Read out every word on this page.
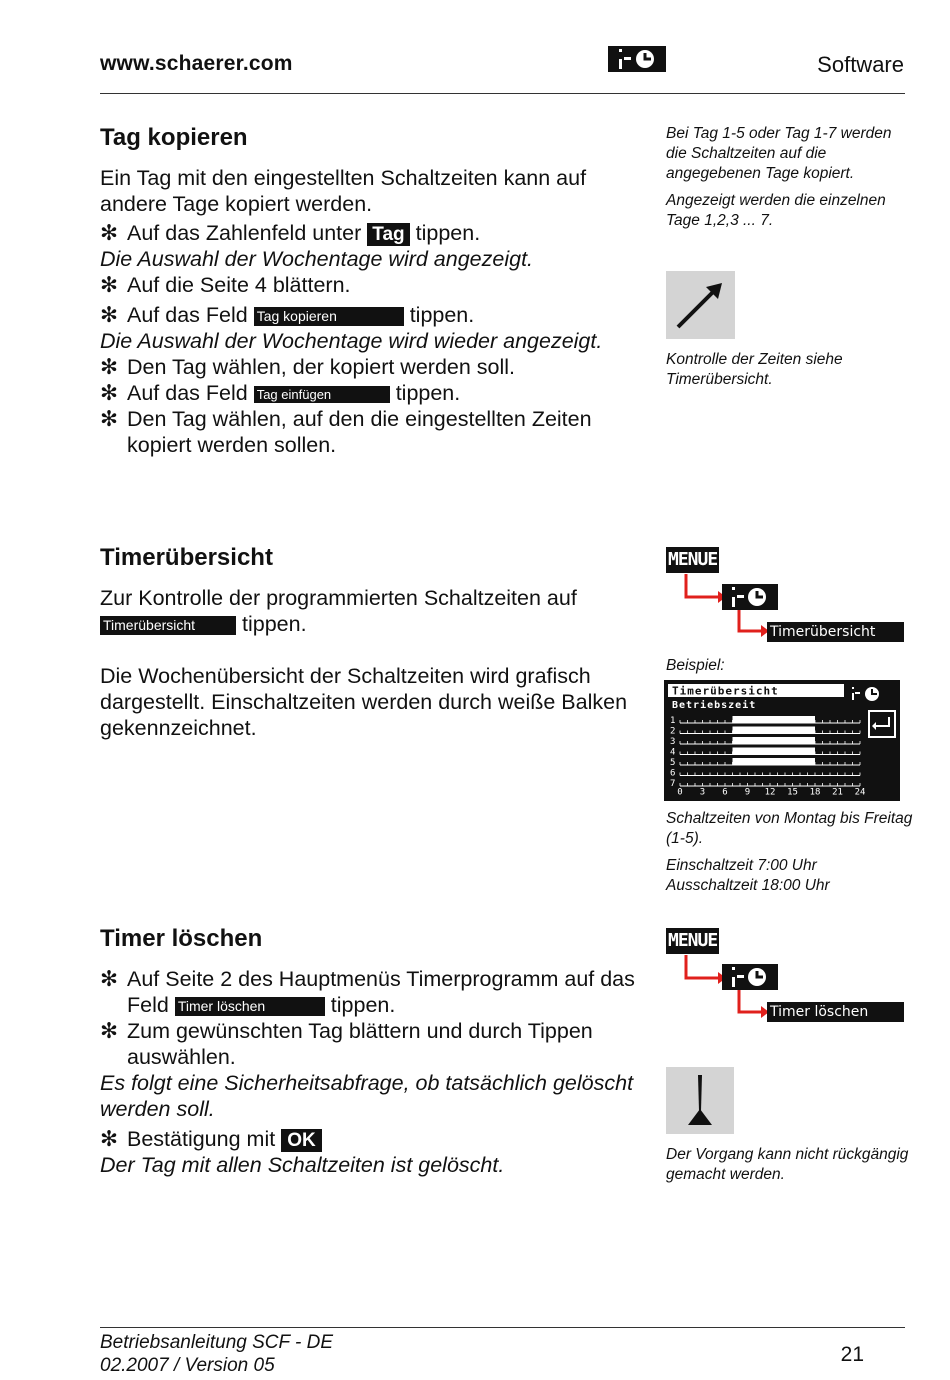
www.schaerer.com	Software
Tag kopieren
Ein Tag mit den eingestellten Schaltzeiten kann auf
andere Tage kopiert werden.
✻ Auf das Zahlenfeld unter Tag tippen.
Die Auswahl der Wochentage wird angezeigt.
✻ Auf die Seite 4 blättern.
✻ Auf das Feld Tag kopieren	tippen.
Die Auswahl der Wochentage wird wieder angezeigt.
✻ Den Tag wählen, der kopiert werden soll.
✻ Auf das Feld Tag einfügen	tippen.
✻ Den Tag wählen, auf den die eingestellten Zeiten
kopiert werden sollen.

Bei Tag 1-5 oder Tag 1-7 werden die Schaltzeiten auf die angegebenen Tage kopiert.

Angezeigt werden die einzelnen Tage 1,2,3 ... 7.

Kontrolle der Zeiten siehe Timerübersicht.

Timerübersicht
Zur Kontrolle der programmierten Schaltzeiten auf
Timerübersicht tippen.
Die Wochenübersicht der Schaltzeiten wird grafisch
dargestellt. Einschaltzeiten werden durch weiße Balken
gekennzeichnet.
MENUE
Timerübersicht
Beispiel:
Timerübersicht
Betriebszeit
1
2
3
4
5
6
7
0 3 6 9 12 15 18 21 24

Schaltzeiten von Montag bis Freitag (1-5).

Einschaltzeit 7:00 Uhr

Ausschaltzeit 18:00 Uhr

Timer löschen
✻ Auf Seite 2 des Hauptmenüs Timerprogramm auf das
Feld Timer löschen	tippen.
✻ Zum gewünschten Tag blättern und durch Tippen
auswählen.
Es folgt eine Sicherheitsabfrage, ob tatsächlich gelöscht
werden soll.
✻ Bestätigung mit OK
Der Tag mit allen Schaltzeiten ist gelöscht.
MENUE
Timer löschen

Der Vorgang kann nicht rückgängig gemacht werden.

Betriebsanleitung SCF - DE
02.2007 / Version 05	21
